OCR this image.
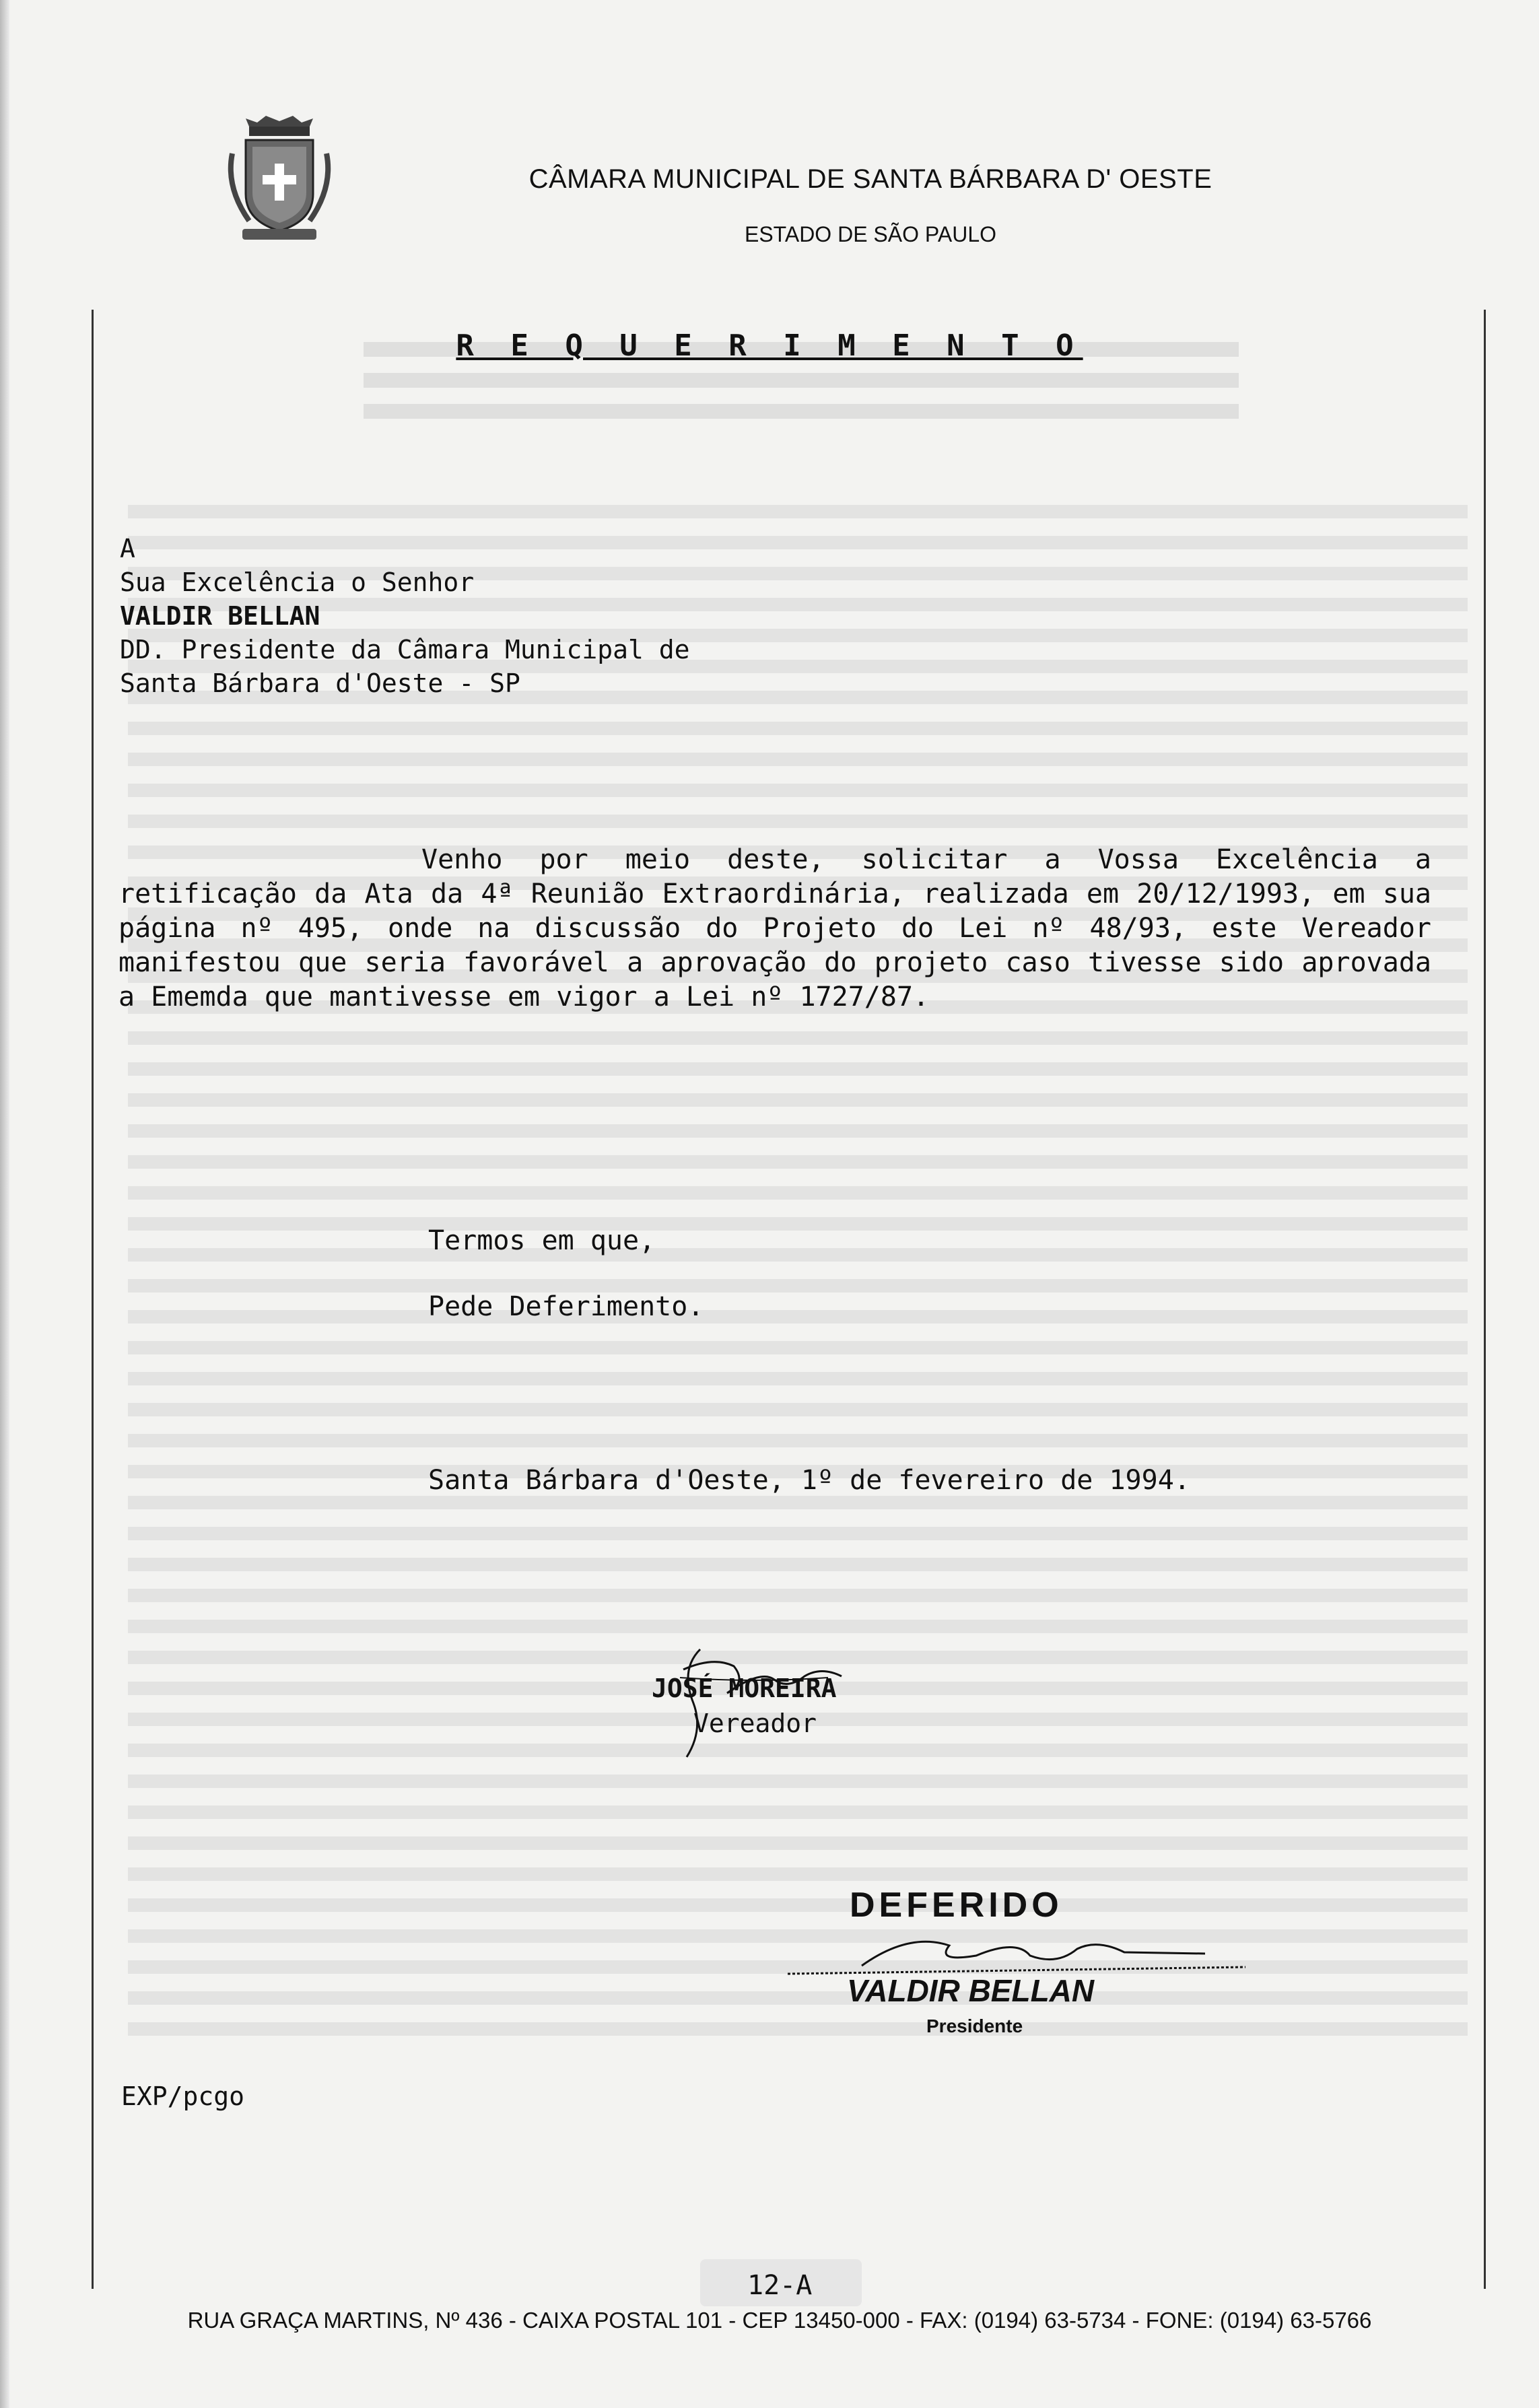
CÂMARA MUNICIPAL DE SANTA BÁRBARA D' OESTE
ESTADO DE SÃO PAULO
R E Q U E R I M E N T O
A
Sua Excelência o Senhor
VALDIR BELLAN
DD. Presidente da Câmara Municipal de
Santa Bárbara d'Oeste - SP
Venho por meio deste, solicitar a Vossa Excelência a retificação da Ata da 4ª Reunião Extraordinária, realizada em 20/12/1993, em sua página nº 495, onde na discussão do Projeto do Lei nº 48/93, este Vereador manifestou que seria favorável a aprovação do projeto caso tivesse sido aprovada a Ememda que mantivesse em vigor a Lei nº 1727/87.
Termos em que,
Pede Deferimento.
Santa Bárbara d'Oeste, 1º de fevereiro de 1994.
JOSÉ MOREIRA
Vereador
DEFERIDO
VALDIR BELLAN
Presidente
EXP/pcgo
12-A
RUA GRAÇA MARTINS, Nº 436 - CAIXA POSTAL 101 - CEP 13450-000 - FAX: (0194) 63-5734 - FONE: (0194) 63-5766
